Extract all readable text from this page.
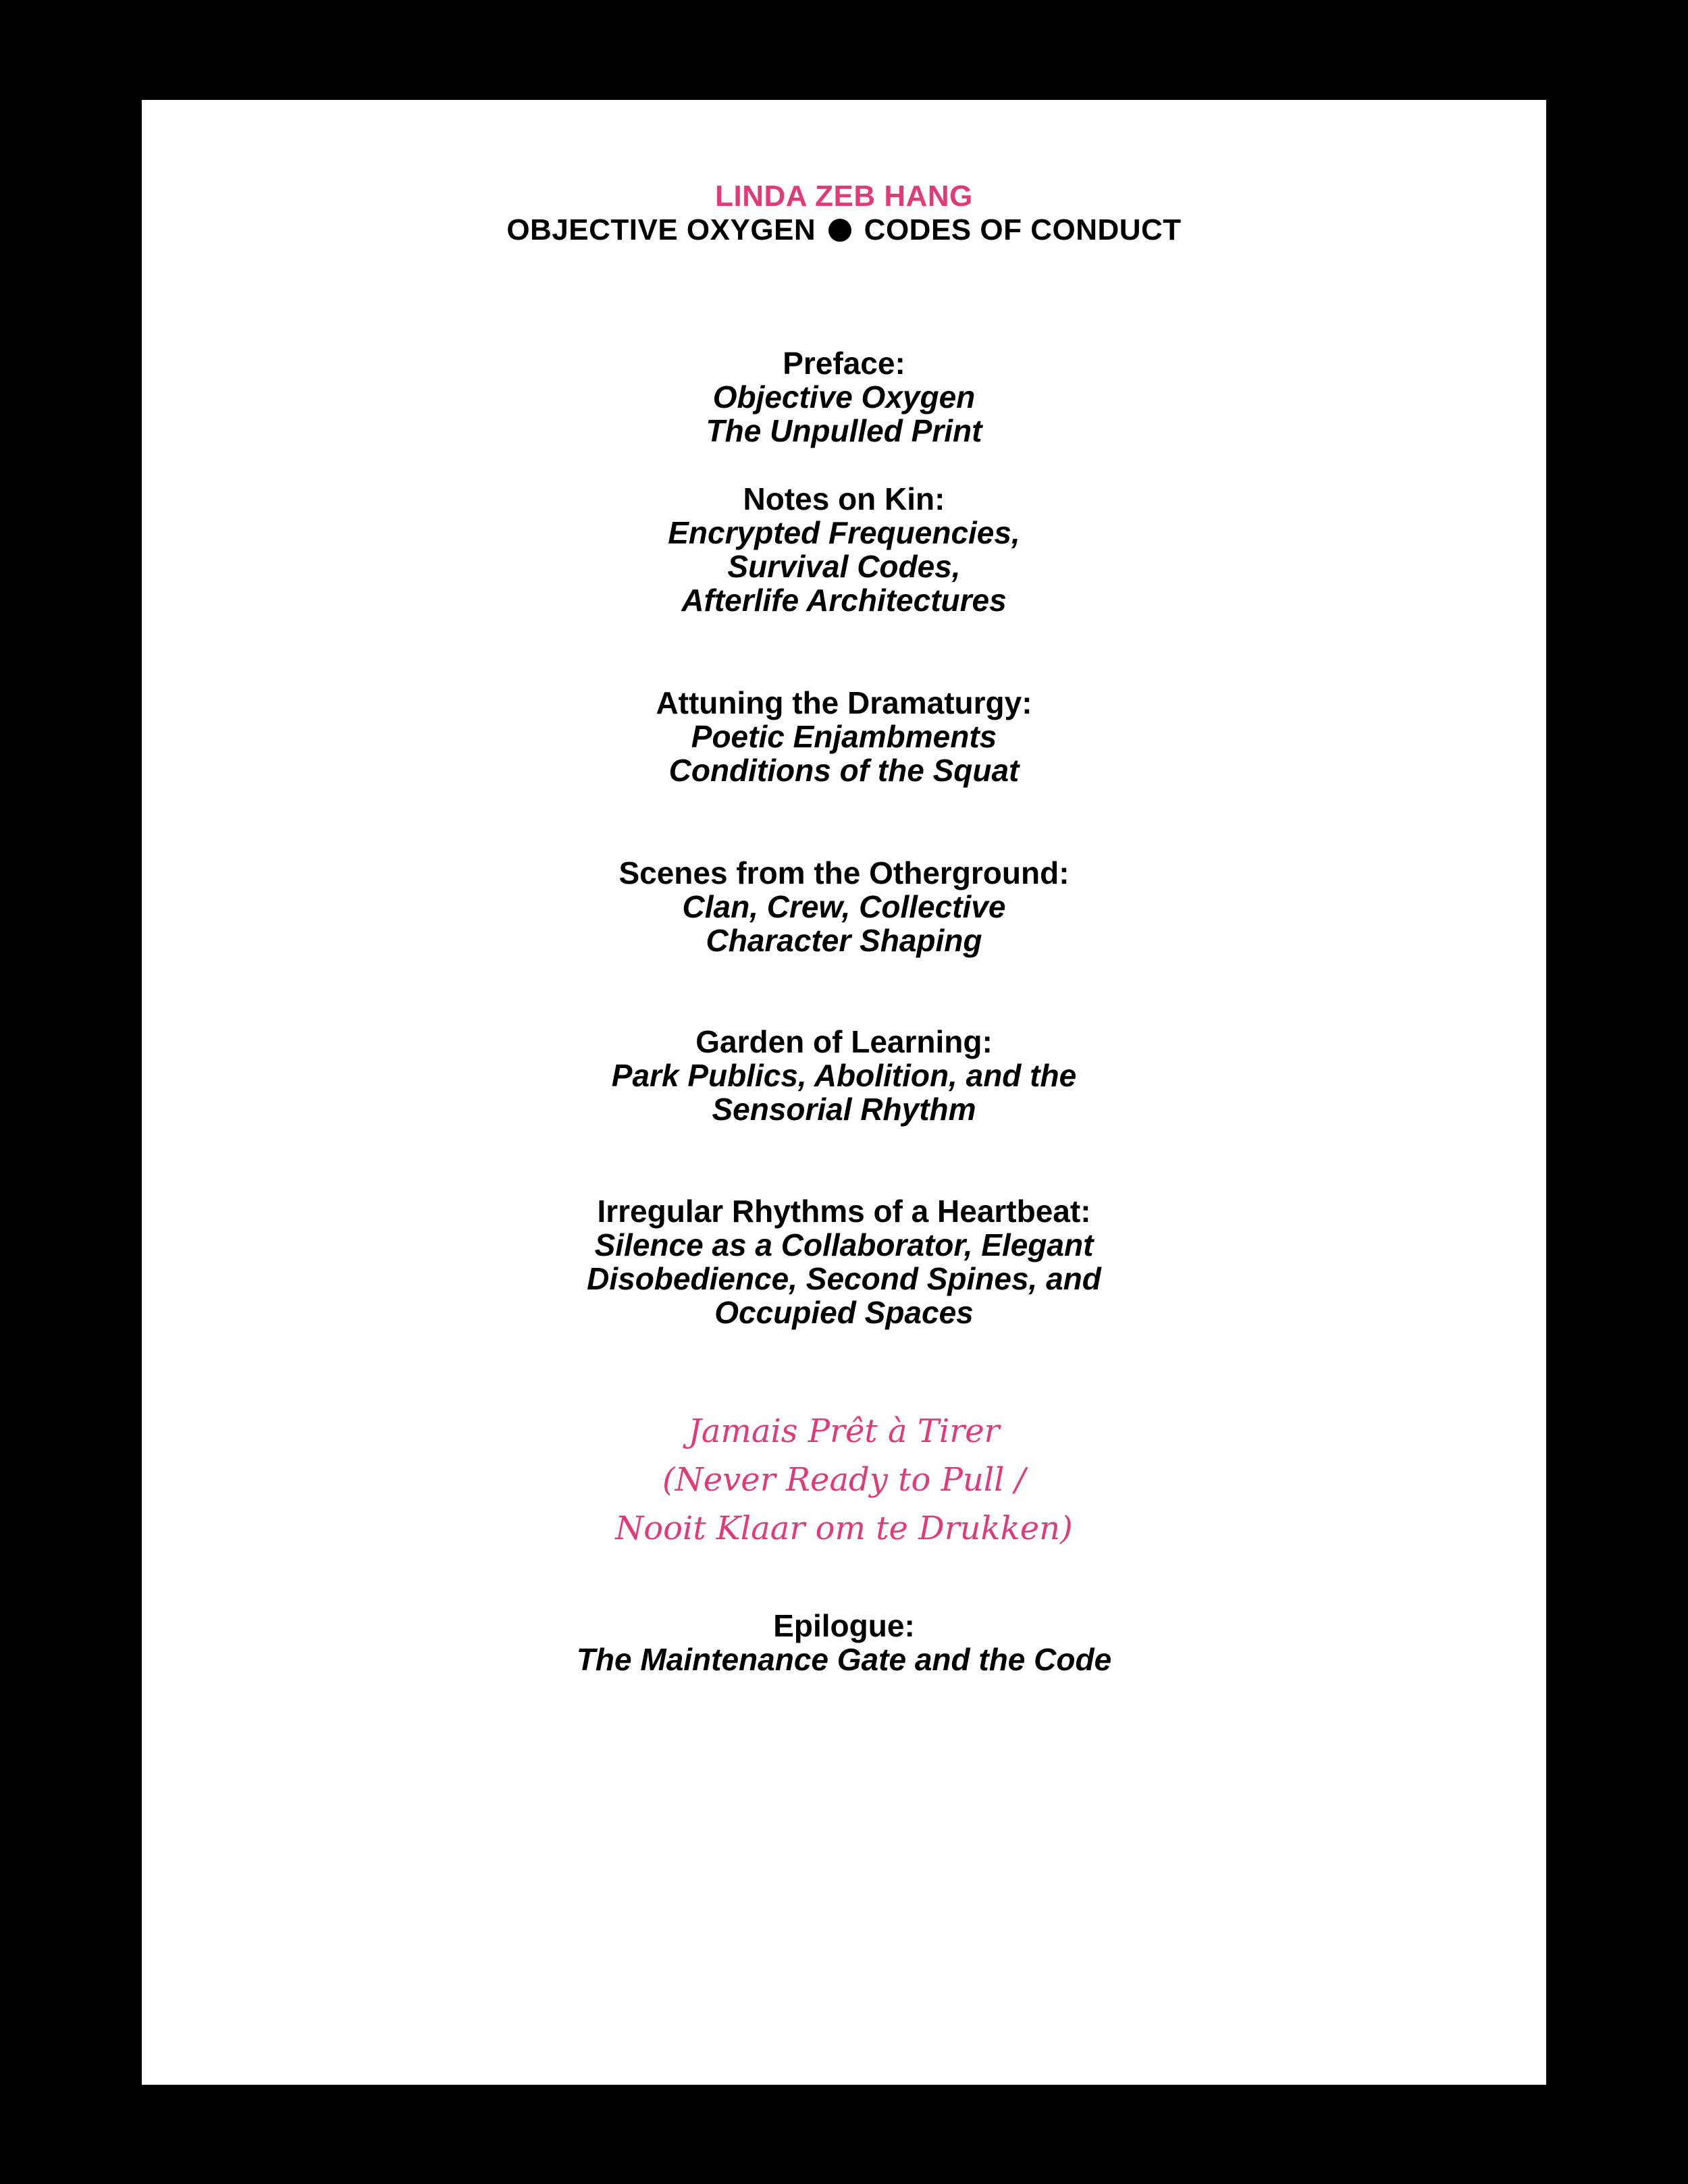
LINDA ZEB HANG
OBJECTIVE OXYGEN CODES OF CONDUCT
Preface:
Objective Oxygen
The Unpulled Print
Notes on Kin:
Encrypted Frequencies,
Survival Codes,
Afterlife Architectures
Attuning the Dramaturgy:
Poetic Enjambments
Conditions of the Squat
Scenes from the Otherground:
Clan, Crew, Collective
Character Shaping
Garden of Learning:
Park Publics, Abolition, and the
Sensorial Rhythm
Irregular Rhythms of a Heartbeat:
Silence as a Collaborator, Elegant
Disobedience, Second Spines, and
Occupied Spaces
Jamais Prêt à Tirer
(Never Ready to Pull /
Nooit Klaar om te Drukken)
Epilogue:
The Maintenance Gate and the Code
